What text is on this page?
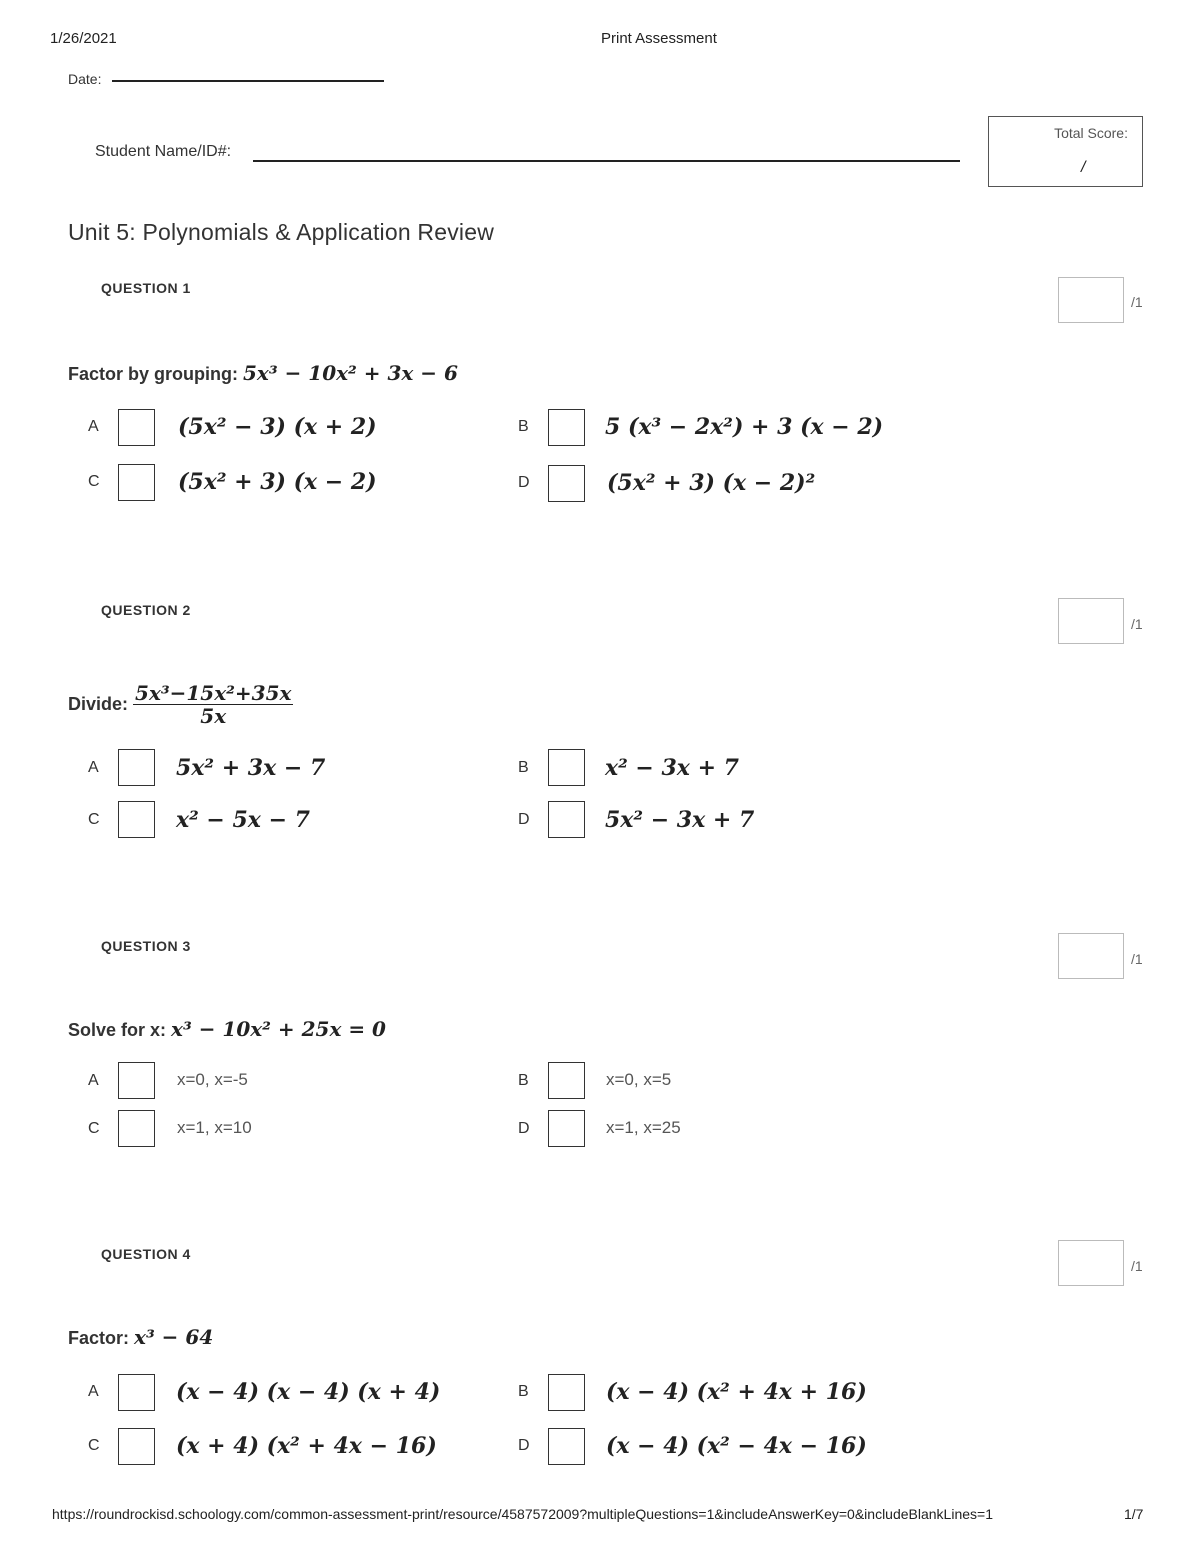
1/26/2021	Print Assessment
Date:
Student Name/ID#:
Total Score:
/
Unit 5: Polynomials & Application Review
QUESTION 1
/1
Factor by grouping: 5x³ − 10x² + 3x − 6
A	(5x² − 3) (x + 2)	B	5 (x³ − 2x²) + 3 (x − 2)
C	(5x² + 3) (x − 2)	D	(5x² + 3) (x − 2)²
QUESTION 2
/1
Divide: $\frac{\text{5x³−15x²+35x}}{5x}$
A	5x² + 3x − 7	B	x² − 3x + 7
C	x² − 5x − 7	D	5x² − 3x + 7
QUESTION 3
/1
Solve for x: x³ − 10x² + 25x = 0
A	x=0, x=-5	B	x=0, x=5
C	x=1, x=10	D	x=1, x=25
QUESTION 4
/1
Factor: x³ − 64
A	(x − 4) (x − 4) (x + 4)	B	(x − 4) (x² + 4x + 16)
C	(x + 4) (x² + 4x − 16)	D	(x − 4) (x² − 4x − 16)
https://roundrockisd.schoology.com/common-assessment-print/resource/4587572009?multipleQuestions=1&includeAnswerKey=0&includeBlankLines=1	1/7
